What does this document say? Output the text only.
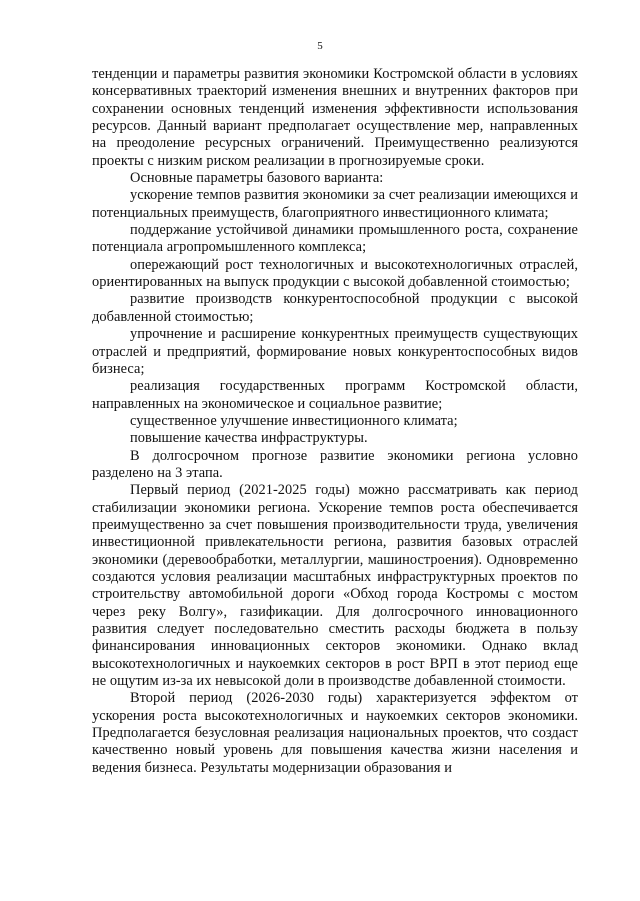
5

тенденции и параметры развития экономики Костромской области в условиях консервативных траекторий изменения внешних и внутренних факторов при сохранении основных тенденций изменения эффективности использования ресурсов. Данный вариант предполагает осуществление мер, направленных на преодоление ресурсных ограничений. Преимущественно реализуются проекты с низким риском реализации в прогнозируемые сроки.

Основные параметры базового варианта:

ускорение темпов развития экономики за счет реализации имеющихся и потенциальных преимуществ, благоприятного инвестиционного климата;

поддержание устойчивой динамики промышленного роста, сохранение потенциала агропромышленного комплекса;

опережающий рост технологичных и высокотехнологичных отраслей, ориентированных на выпуск продукции с высокой добавленной стоимостью;

развитие производств конкурентоспособной продукции с высокой добавленной стоимостью;

упрочнение и расширение конкурентных преимуществ существующих отраслей и предприятий, формирование новых конкурентоспособных видов бизнеса;

реализация государственных программ Костромской области, направленных на экономическое и социальное развитие;

существенное улучшение инвестиционного климата;

повышение качества инфраструктуры.

В долгосрочном прогнозе развитие экономики региона условно разделено на 3 этапа.

Первый период (2021-2025 годы) можно рассматривать как период стабилизации экономики региона. Ускорение темпов роста обеспечивается преимущественно за счет повышения производительности труда, увеличения инвестиционной привлекательности региона, развития базовых отраслей экономики (деревообработки, металлургии, машиностроения). Одновременно создаются условия реализации масштабных инфраструктурных проектов по строительству автомобильной дороги «Обход города Костромы с мостом через реку Волгу», газификации. Для долгосрочного инновационного развития следует последовательно сместить расходы бюджета в пользу финансирования инновационных секторов экономики. Однако вклад высокотехнологичных и наукоемких секторов в рост ВРП в этот период еще не ощутим из-за их невысокой доли в производстве добавленной стоимости.

Второй период (2026-2030 годы) характеризуется эффектом от ускорения роста высокотехнологичных и наукоемких секторов экономики. Предполагается безусловная реализация национальных проектов, что создаст качественно новый уровень для повышения качества жизни населения и ведения бизнеса. Результаты модернизации образования и
